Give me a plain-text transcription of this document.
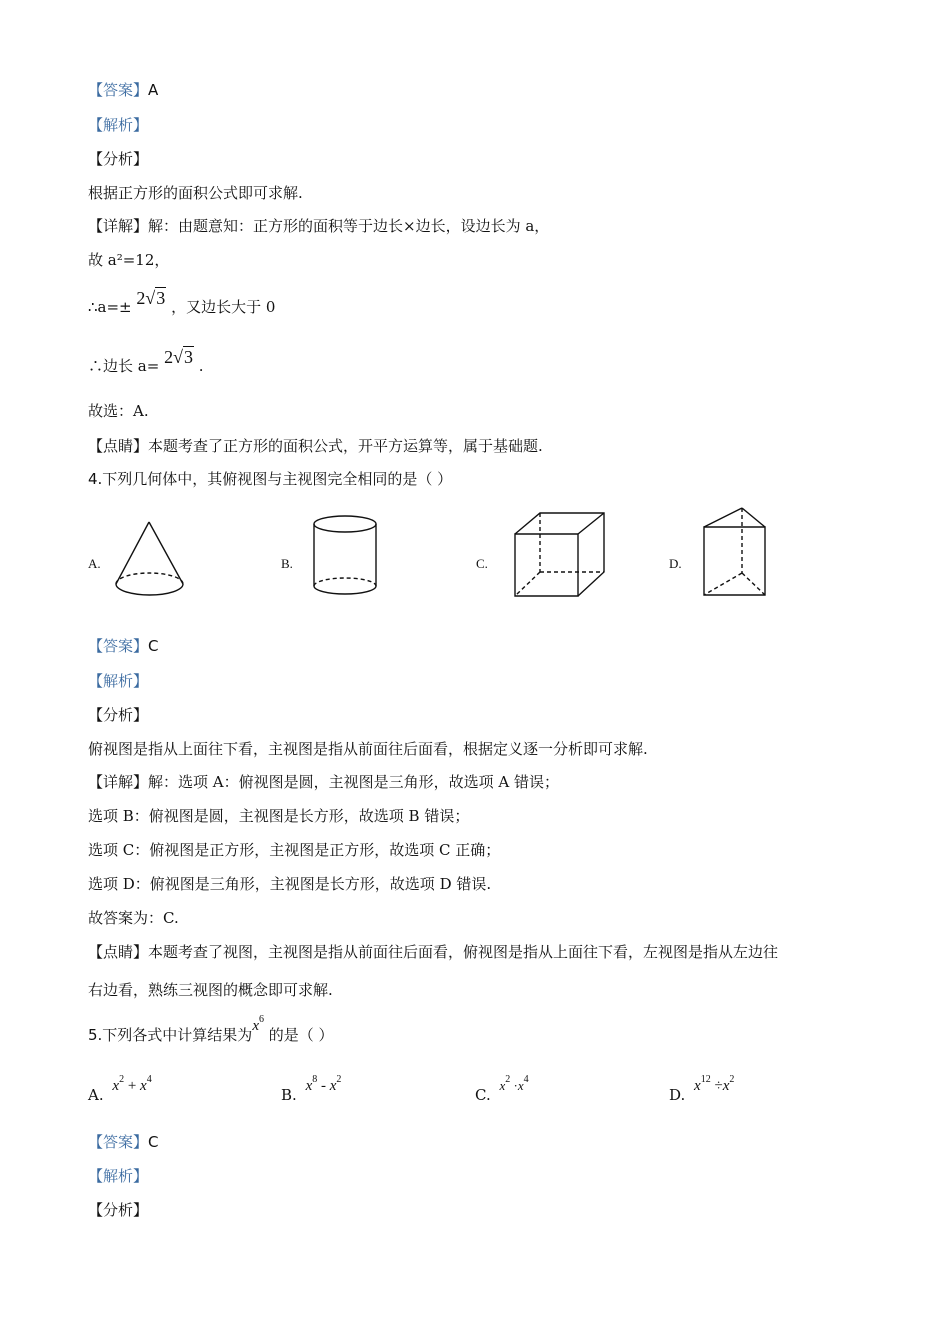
【答案】A
【解析】
【分析】
根据正方形的面积公式即可求解.
【详解】解：由题意知：正方形的面积等于边长×边长，设边长为 a，
故 a²=12，
∴a=± 2√3 ，又边长大于 0
∴边长 a= 2√3 .
故选：A.
【点睛】本题考查了正方形的面积公式，开平方运算等，属于基础题.
4.下列几何体中，其俯视图与主视图完全相同的是（ ）
A.	B.	C.	D.
【答案】C
【解析】
【分析】
俯视图是指从上面往下看，主视图是指从前面往后面看，根据定义逐一分析即可求解.
【详解】解：选项 A：俯视图是圆，主视图是三角形，故选项 A 错误；
选项 B：俯视图是圆，主视图是长方形，故选项 B 错误；
选项 C：俯视图是正方形，主视图是正方形，故选项 C 正确；
选项 D：俯视图是三角形，主视图是长方形，故选项 D 错误.
故答案为：C.
【点睛】本题考查了视图，主视图是指从前面往后面看，俯视图是指从上面往下看，左视图是指从左边往
右边看，熟练三视图的概念即可求解.
5.下列各式中计算结果为$x^6$ 的是（ ）
A. $x^2 + x^4$
B. $x^8 - x^2$
C. $x^2 \cdot x^4$
D. $x^{12} \div x^2$
【答案】C
【解析】
【分析】
